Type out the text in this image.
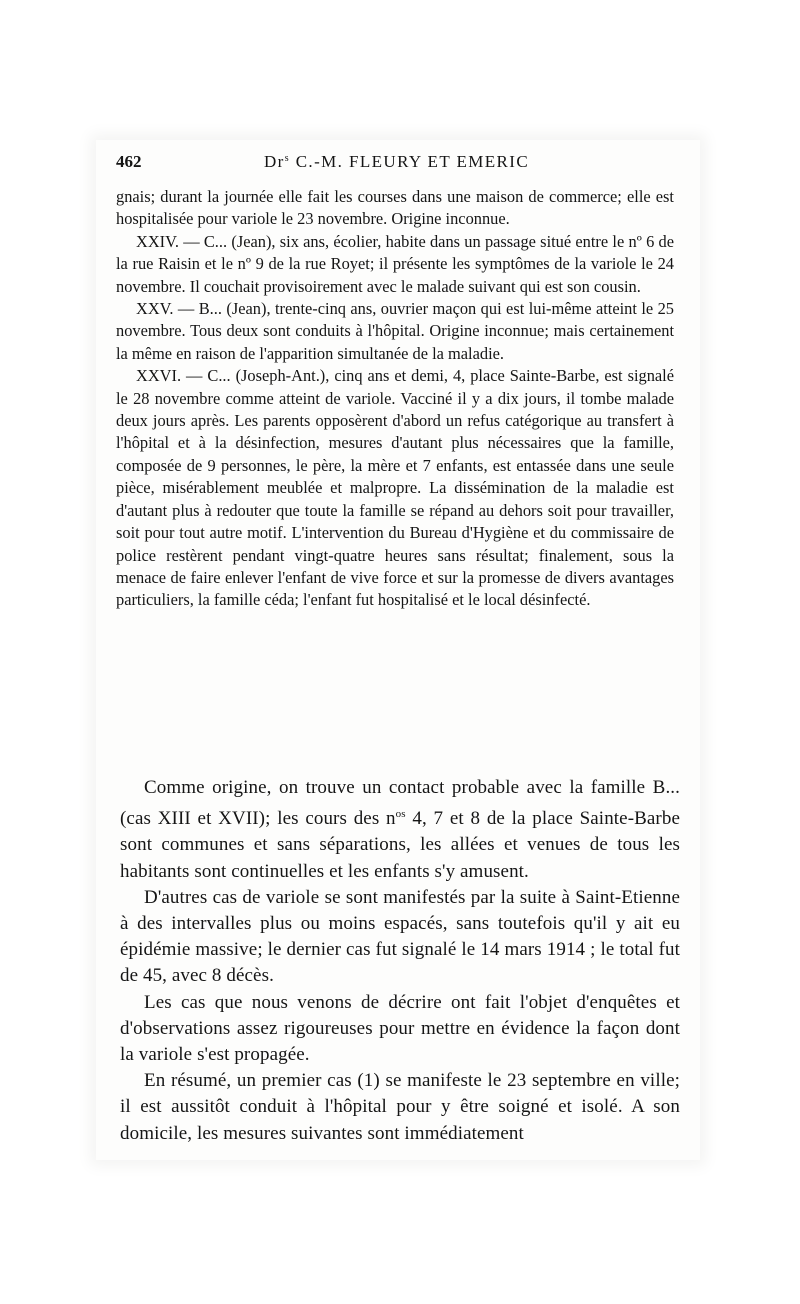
462	Dr$^s$ C.-M. FLEURY ET EMERIC

gnais; durant la journée elle fait les courses dans une maison de commerce; elle est hospitalisée pour variole le 23 novembre. Origine inconnue.

XXIV. — C... (Jean), six ans, écolier, habite dans un passage situé entre le nº 6 de la rue Raisin et le nº 9 de la rue Royet; il présente les symptômes de la variole le 24 novembre. Il couchait provisoirement avec le malade suivant qui est son cousin.

XXV. — B... (Jean), trente-cinq ans, ouvrier maçon qui est lui-même atteint le 25 novembre. Tous deux sont conduits à l'hôpital. Origine inconnue; mais certainement la même en raison de l'apparition simultanée de la maladie.

XXVI. — C... (Joseph-Ant.), cinq ans et demi, 4, place Sainte-Barbe, est signalé le 28 novembre comme atteint de variole. Vacciné il y a dix jours, il tombe malade deux jours après. Les parents opposèrent d'abord un refus catégorique au transfert à l'hôpital et à la désinfection, mesures d'autant plus nécessaires que la famille, composée de 9 personnes, le père, la mère et 7 enfants, est entassée dans une seule pièce, misérablement meublée et malpropre. La dissémination de la maladie est d'autant plus à redouter que toute la famille se répand au dehors soit pour travailler, soit pour tout autre motif. L'intervention du Bureau d'Hygiène et du commissaire de police restèrent pendant vingt-quatre heures sans résultat; finalement, sous la menace de faire enlever l'enfant de vive force et sur la promesse de divers avantages particuliers, la famille céda; l'enfant fut hospitalisé et le local désinfecté.

Comme origine, on trouve un contact probable avec la famille B... (cas XIII et XVII); les cours des $n^{os}$ 4, 7 et 8 de la place Sainte-Barbe sont communes et sans séparations, les allées et venues de tous les habitants sont continuelles et les enfants s'y amusent.

D'autres cas de variole se sont manifestés par la suite à Saint-Etienne à des intervalles plus ou moins espacés, sans toutefois qu'il y ait eu épidémie massive; le dernier cas fut signalé le 14 mars 1914 ; le total fut de 45, avec 8 décès.

Les cas que nous venons de décrire ont fait l'objet d'enquêtes et d'observations assez rigoureuses pour mettre en évidence la façon dont la variole s'est propagée.

En résumé, un premier cas (1) se manifeste le 23 septembre en ville; il est aussitôt conduit à l'hôpital pour y être soigné et isolé. A son domicile, les mesures suivantes sont immédiatement
